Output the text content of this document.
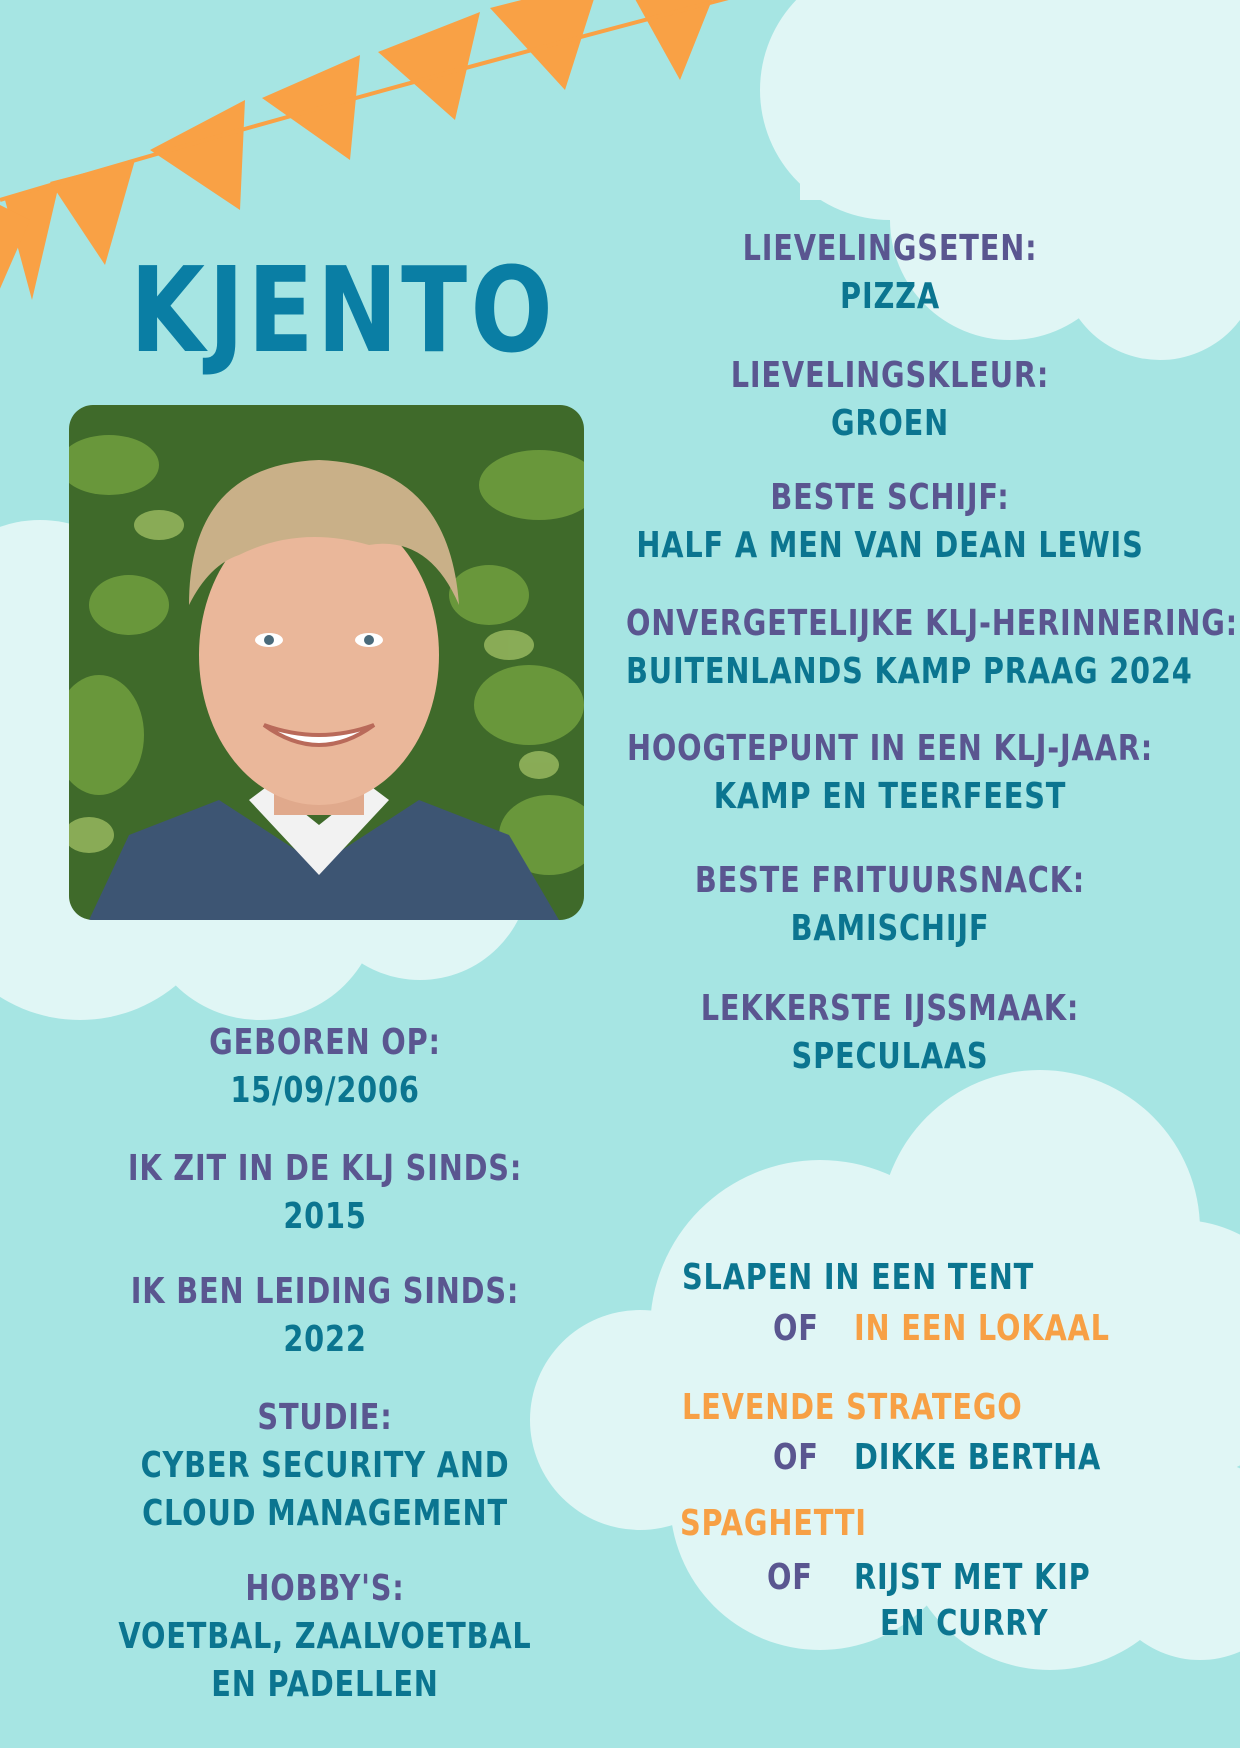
KJENTO	LIEVELINGSETEN:
PIZZA
LIEVELINGSKLEUR:
GROEN
BESTE SCHIJF:
HALF A MEN VAN DEAN LEWIS
ONVERGETELIJKE KLJ-HERINNERING:
BUITENLANDS KAMP PRAAG 2024
HOOGTEPUNT IN EEN KLJ-JAAR:
KAMP EN TEERFEEST
BESTE FRITUURSNACK:
BAMISCHIJF
LEKKERSTE IJSSMAAK:
SPECULAAS
GEBOREN OP:
15/09/2006
IK ZIT IN DE KLJ SINDS:
2015
IK BEN LEIDING SINDS:
2022
STUDIE:
CYBER SECURITY AND
CLOUD MANAGEMENT
HOBBY'S:
VOETBAL, ZAALVOETBAL
EN PADELLEN
SLAPEN IN EEN TENT
OF IN EEN LOKAAL
LEVENDE STRATEGO
OF DIKKE BERTHA
SPAGHETTI
OF RIJST MET KIP
EN CURRY
